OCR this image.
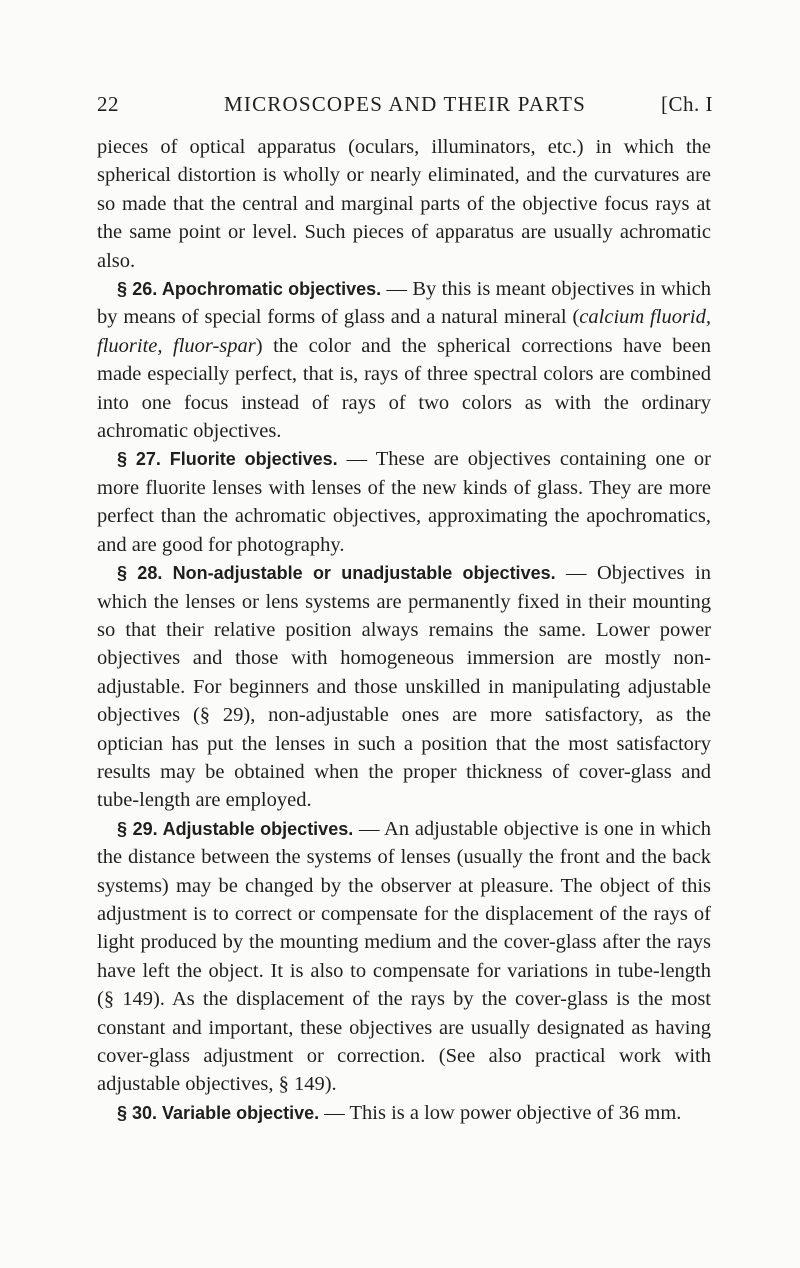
22	MICROSCOPES AND THEIR PARTS	[Ch. I

pieces of optical apparatus (oculars, illuminators, etc.) in which the spherical distortion is wholly or nearly eliminated, and the curvatures are so made that the central and marginal parts of the objective focus rays at the same point or level. Such pieces of apparatus are usually achromatic also.

§ 26. Apochromatic objectives. — By this is meant objectives in which by means of special forms of glass and a natural mineral (calcium fluorid, fluorite, fluor-spar) the color and the spherical corrections have been made especially perfect, that is, rays of three spectral colors are combined into one focus instead of rays of two colors as with the ordinary achromatic objectives.

§ 27. Fluorite objectives. — These are objectives containing one or more fluorite lenses with lenses of the new kinds of glass. They are more perfect than the achromatic objectives, approximating the apochromatics, and are good for photography.

§ 28. Non-adjustable or unadjustable objectives. — Objectives in which the lenses or lens systems are permanently fixed in their mounting so that their relative position always remains the same. Lower power objectives and those with homogeneous immersion are mostly non-adjustable. For beginners and those unskilled in manipulating adjustable objectives (§ 29), non-adjustable ones are more satisfactory, as the optician has put the lenses in such a position that the most satisfactory results may be obtained when the proper thickness of cover-glass and tube-length are employed.

§ 29. Adjustable objectives. — An adjustable objective is one in which the distance between the systems of lenses (usually the front and the back systems) may be changed by the observer at pleasure. The object of this adjustment is to correct or compensate for the displacement of the rays of light produced by the mounting medium and the cover-glass after the rays have left the object. It is also to compensate for variations in tube-length (§ 149). As the displacement of the rays by the cover-glass is the most constant and important, these objectives are usually designated as having cover-glass adjustment or correction. (See also practical work with adjustable objectives, § 149).

§ 30. Variable objective. — This is a low power objective of 36 mm.
